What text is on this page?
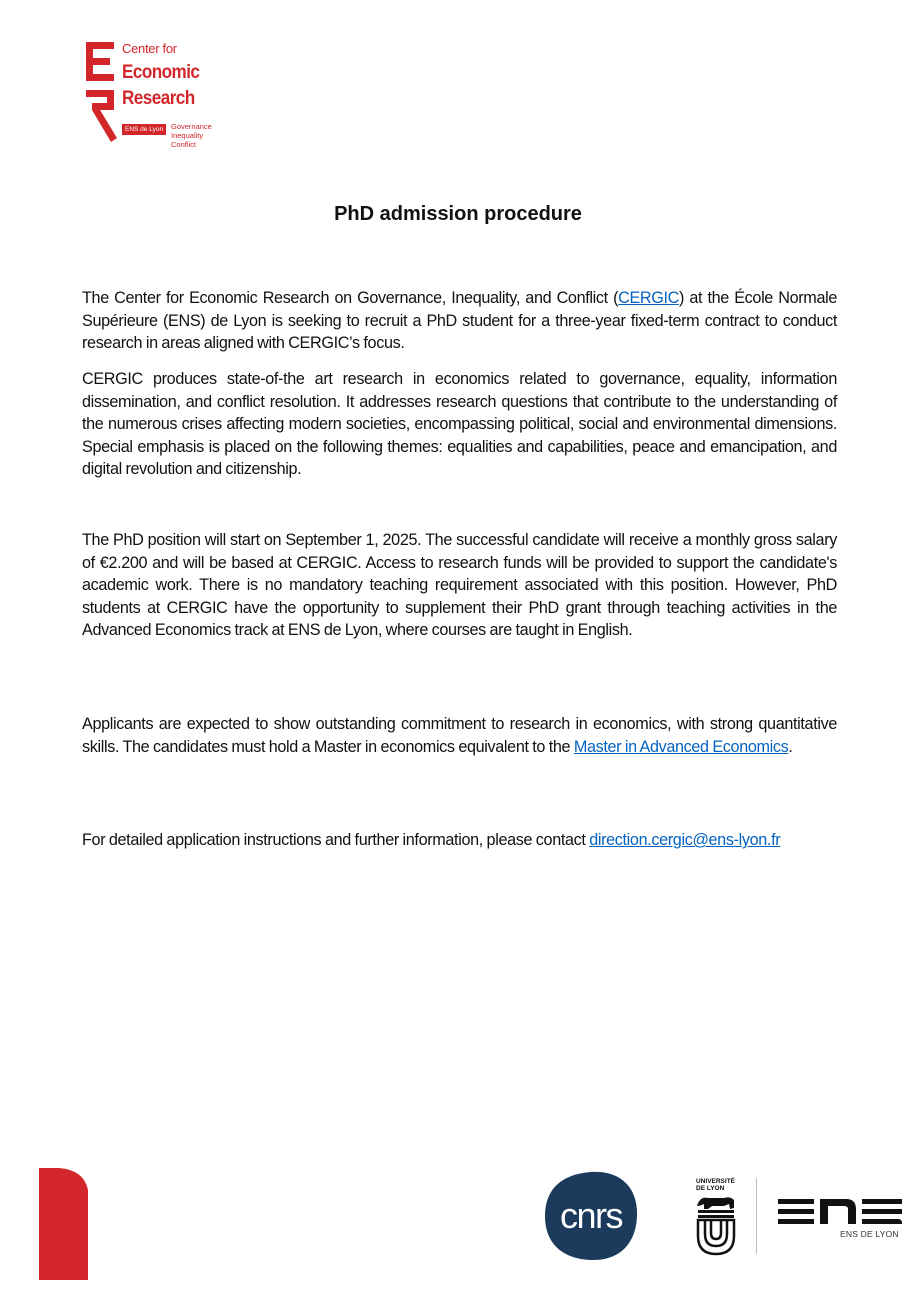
Center for
Economic
Research
ENS de Lyon	Governance
Inequality
Conflict
PhD admission procedure
The Center for Economic Research on Governance, Inequality, and Conflict (CERGIC) at the École Normale Supérieure (ENS) de Lyon is seeking to recruit a PhD student for a three-year fixed-term contract to conduct research in areas aligned with CERGIC’s focus.
CERGIC produces state-of-the art research in economics related to governance, equality, information dissemination, and conflict resolution. It addresses research questions that contribute to the understanding of the numerous crises affecting modern societies, encompassing political, social and environmental dimensions. Special emphasis is placed on the following themes: equalities and capabilities, peace and emancipation, and digital revolution and citizenship.
The PhD position will start on September 1, 2025. The successful candidate will receive a monthly gross salary of €2.200 and will be based at CERGIC. Access to research funds will be provided to support the candidate's academic work. There is no mandatory teaching requirement associated with this position. However, PhD students at CERGIC have the opportunity to supplement their PhD grant through teaching activities in the Advanced Economics track at ENS de Lyon, where courses are taught in English.
Applicants are expected to show outstanding commitment to research in economics, with strong quantitative skills. The candidates must hold a Master in economics equivalent to the Master in Advanced Economics.
For detailed application instructions and further information, please contact direction.cergic@ens-lyon.fr
cnrs
UNIVERSITÉ
DE LYON
ENS DE LYON
